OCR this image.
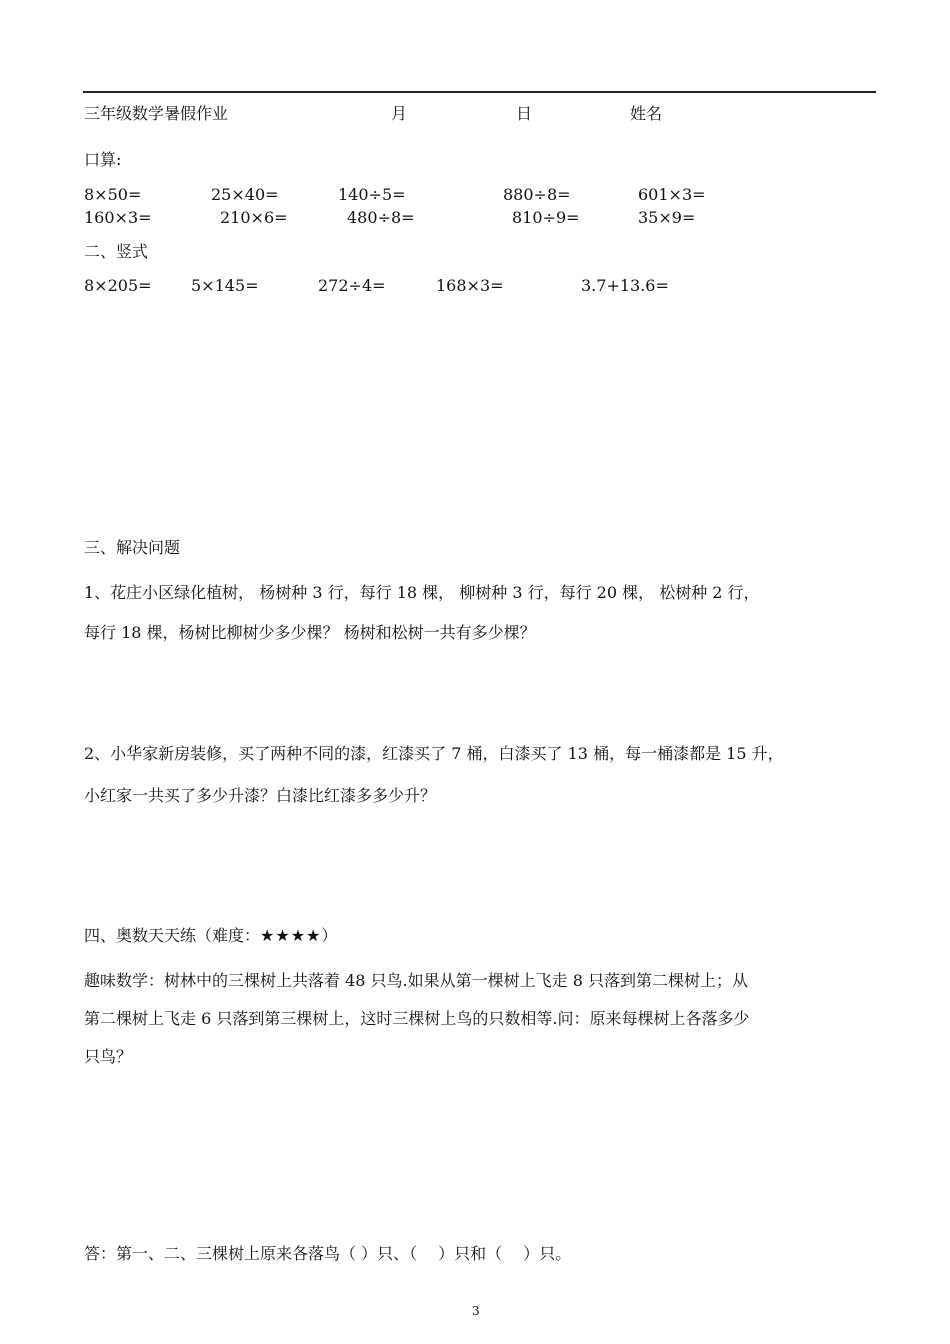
三年级数学暑假作业	月	日	姓名
口算:
8×50=	25×40=	140÷5=	880÷8=	601×3=
160×3=	210×6=	480÷8=	810÷9=	35×9=
二、竖式
8×205= 5×145=	272÷4=	168×3=	3.7+13.6=
三、解决问题
1、花庄小区绿化植树， 杨树种 3 行，每行 18 棵， 柳树种 3 行，每行 20 棵， 松树种 2 行，
每行 18 棵，杨树比柳树少多少棵？ 杨树和松树一共有多少棵？
2、小华家新房装修，买了两种不同的漆，红漆买了 7 桶，白漆买了 13 桶，每一桶漆都是 15 升，
小红家一共买了多少升漆？白漆比红漆多多少升？
四、奥数天天练（难度：★★★★）
趣味数学：树林中的三棵树上共落着 48 只鸟.如果从第一棵树上飞走 8 只落到第二棵树上；从
第二棵树上飞走 6 只落到第三棵树上，这时三棵树上鸟的只数相等.问：原来每棵树上各落多少
只鸟？
答：第一、二、三棵树上原来各落鸟（ ）只、（　 ）只和（　 ）只。
3
